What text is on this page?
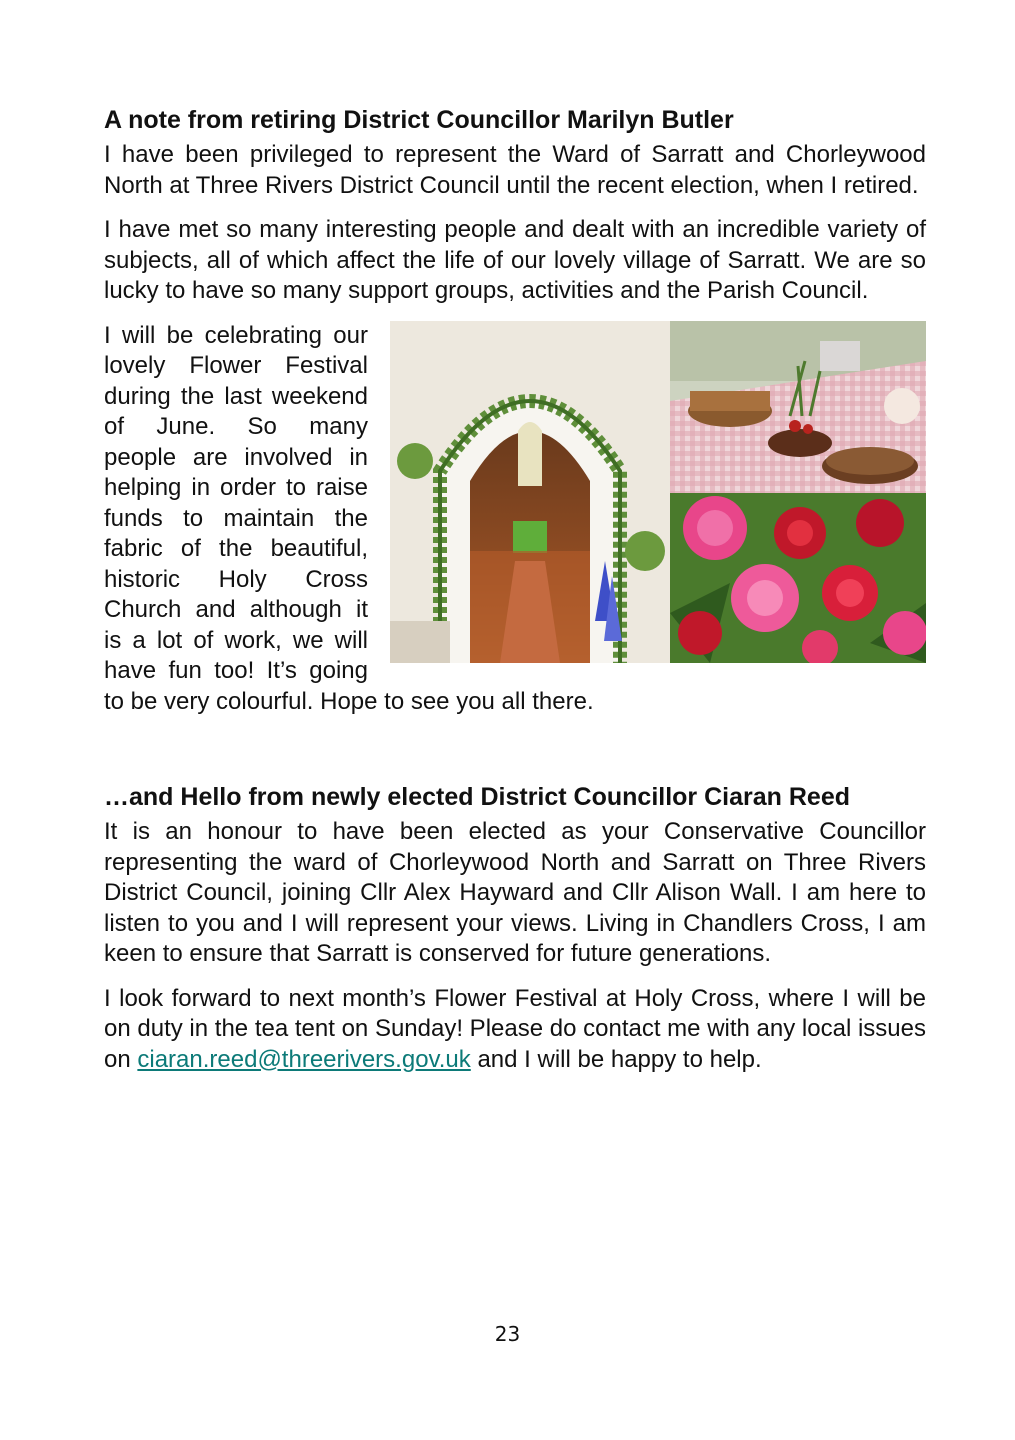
A note from retiring District Councillor Marilyn Butler

I have been privileged to represent the Ward of Sarratt and Chorleywood North at Three Rivers District Council until the recent election, when I retired.

I have met so many interesting people and dealt with an incredible variety of subjects, all of which affect the life of our lovely village of Sarratt. We are so lucky to have so many support groups, activities and the Parish Council.

I will be celebrating our lovely Flower Festival during the last weekend of June. So many people are involved in helping in order to raise funds to maintain the fabric of the beautiful, historic Holy Cross Church and although it is a lot of work, we will have fun too! It’s going to be very colourful. Hope to see you all there.

…and Hello from newly elected District Councillor Ciaran Reed

It is an honour to have been elected as your Conservative Councillor representing the ward of Chorleywood North and Sarratt on Three Rivers District Council, joining Cllr Alex Hayward and Cllr Alison Wall. I am here to listen to you and I will represent your views. Living in Chandlers Cross, I am keen to ensure that Sarratt is conserved for future generations.

I look forward to next month’s Flower Festival at Holy Cross, where I will be on duty in the tea tent on Sunday! Please do contact me with any local issues on ciaran.reed@threerivers.gov.uk and I will be happy to help.

23
